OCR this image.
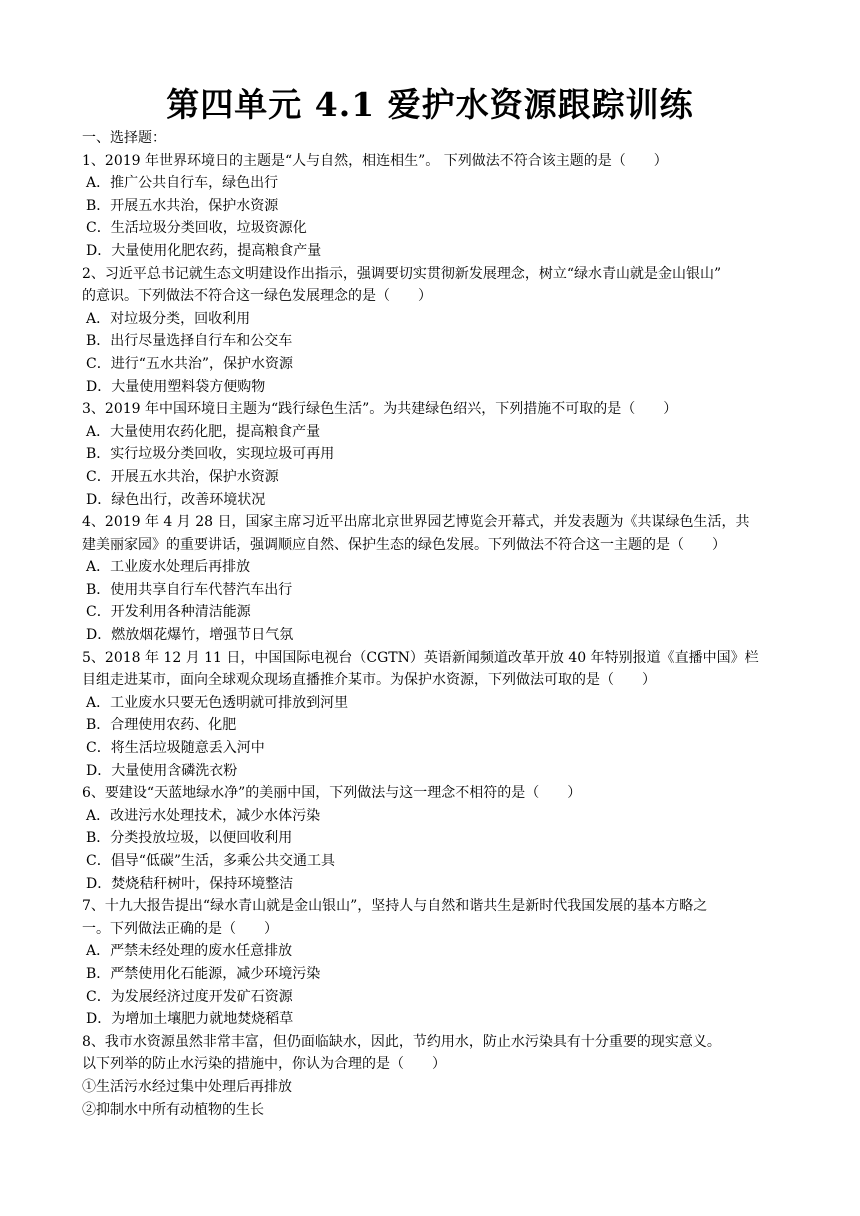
第四单元 4.1 爱护水资源跟踪训练
一、选择题：
1、2019 年世界环境日的主题是“人与自然，相连相生”。 下列做法不符合该主题的是（　　）
A．推广公共自行车，绿色出行
B．开展五水共治，保护水资源
C．生活垃圾分类回收，垃圾资源化
D．大量使用化肥农药，提高粮食产量
2、习近平总书记就生态文明建设作出指示，强调要切实贯彻新发展理念，树立“绿水青山就是金山银山”
的意识。下列做法不符合这一绿色发展理念的是（　　）
A．对垃圾分类，回收利用
B．出行尽量选择自行车和公交车
C．进行“五水共治”，保护水资源
D．大量使用塑料袋方便购物
3、2019 年中国环境日主题为“践行绿色生活”。为共建绿色绍兴，下列措施不可取的是（　　）
A．大量使用农药化肥，提高粮食产量
B．实行垃圾分类回收，实现垃圾可再用
C．开展五水共治，保护水资源
D．绿色出行，改善环境状况
4、2019 年 4 月 28 日，国家主席习近平出席北京世界园艺博览会开幕式，并发表题为《共谋绿色生活，共
建美丽家园》的重要讲话，强调顺应自然、保护生态的绿色发展。下列做法不符合这一主题的是（　　）
A．工业废水处理后再排放
B．使用共享自行车代替汽车出行
C．开发利用各种清洁能源
D．燃放烟花爆竹，增强节日气氛
5、2018 年 12 月 11 日，中国国际电视台（CGTN）英语新闻频道改革开放 40 年特别报道《直播中国》栏
目组走进某市，面向全球观众现场直播推介某市。为保护水资源，下列做法可取的是（　　）
A．工业废水只要无色透明就可排放到河里
B．合理使用农药、化肥
C．将生活垃圾随意丢入河中
D．大量使用含磷洗衣粉
6、要建设“天蓝地绿水净”的美丽中国，下列做法与这一理念不相符的是（　　）
A．改进污水处理技术，减少水体污染
B．分类投放垃圾，以便回收利用
C．倡导“低碳”生活，多乘公共交通工具
D．焚烧秸秆树叶，保持环境整洁
7、十九大报告提出“绿水青山就是金山银山”，坚持人与自然和谐共生是新时代我国发展的基本方略之
一。下列做法正确的是（　　）
A．严禁未经处理的废水任意排放
B．严禁使用化石能源，减少环境污染
C．为发展经济过度开发矿石资源
D．为增加土壤肥力就地焚烧稻草
8、我市水资源虽然非常丰富，但仍面临缺水，因此，节约用水，防止水污染具有十分重要的现实意义。
以下列举的防止水污染的措施中，你认为合理的是（　　）
①生活污水经过集中处理后再排放
②抑制水中所有动植物的生长
